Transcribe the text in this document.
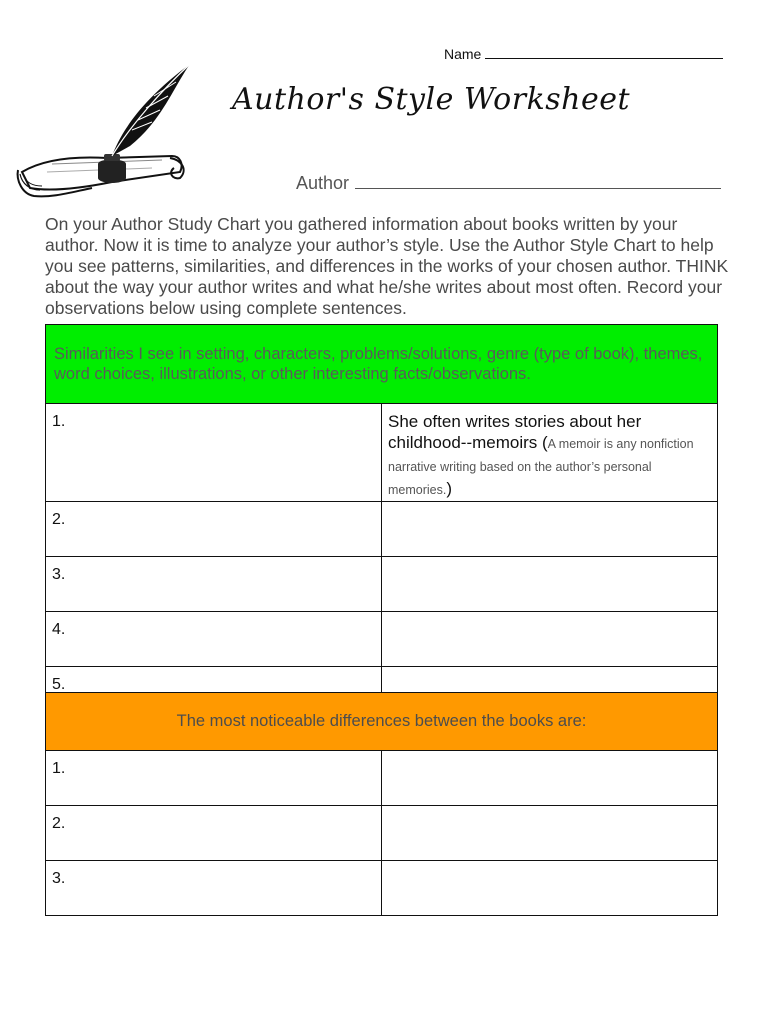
Name
Author's Style Worksheet
Author
On your Author Study Chart you gathered information about books written by your author. Now it is time to analyze your author’s style. Use the Author Style Chart to help you see patterns, similarities, and differences in the works of your chosen author. THINK about the way your author writes and what he/she writes about most often. Record your observations below using complete sentences.
Similarities I see in setting, characters, problems/solutions, genre (type of book), themes, word choices, illustrations, or other interesting facts/observations.	
1.	She often writes stories about her childhood--memoirs (A memoir is any nonfiction narrative writing based on the author’s personal memories.)
2.	
3.	
4.	
5.	
The most noticeable differences between the books are:	
1.	
2.	
3.	
